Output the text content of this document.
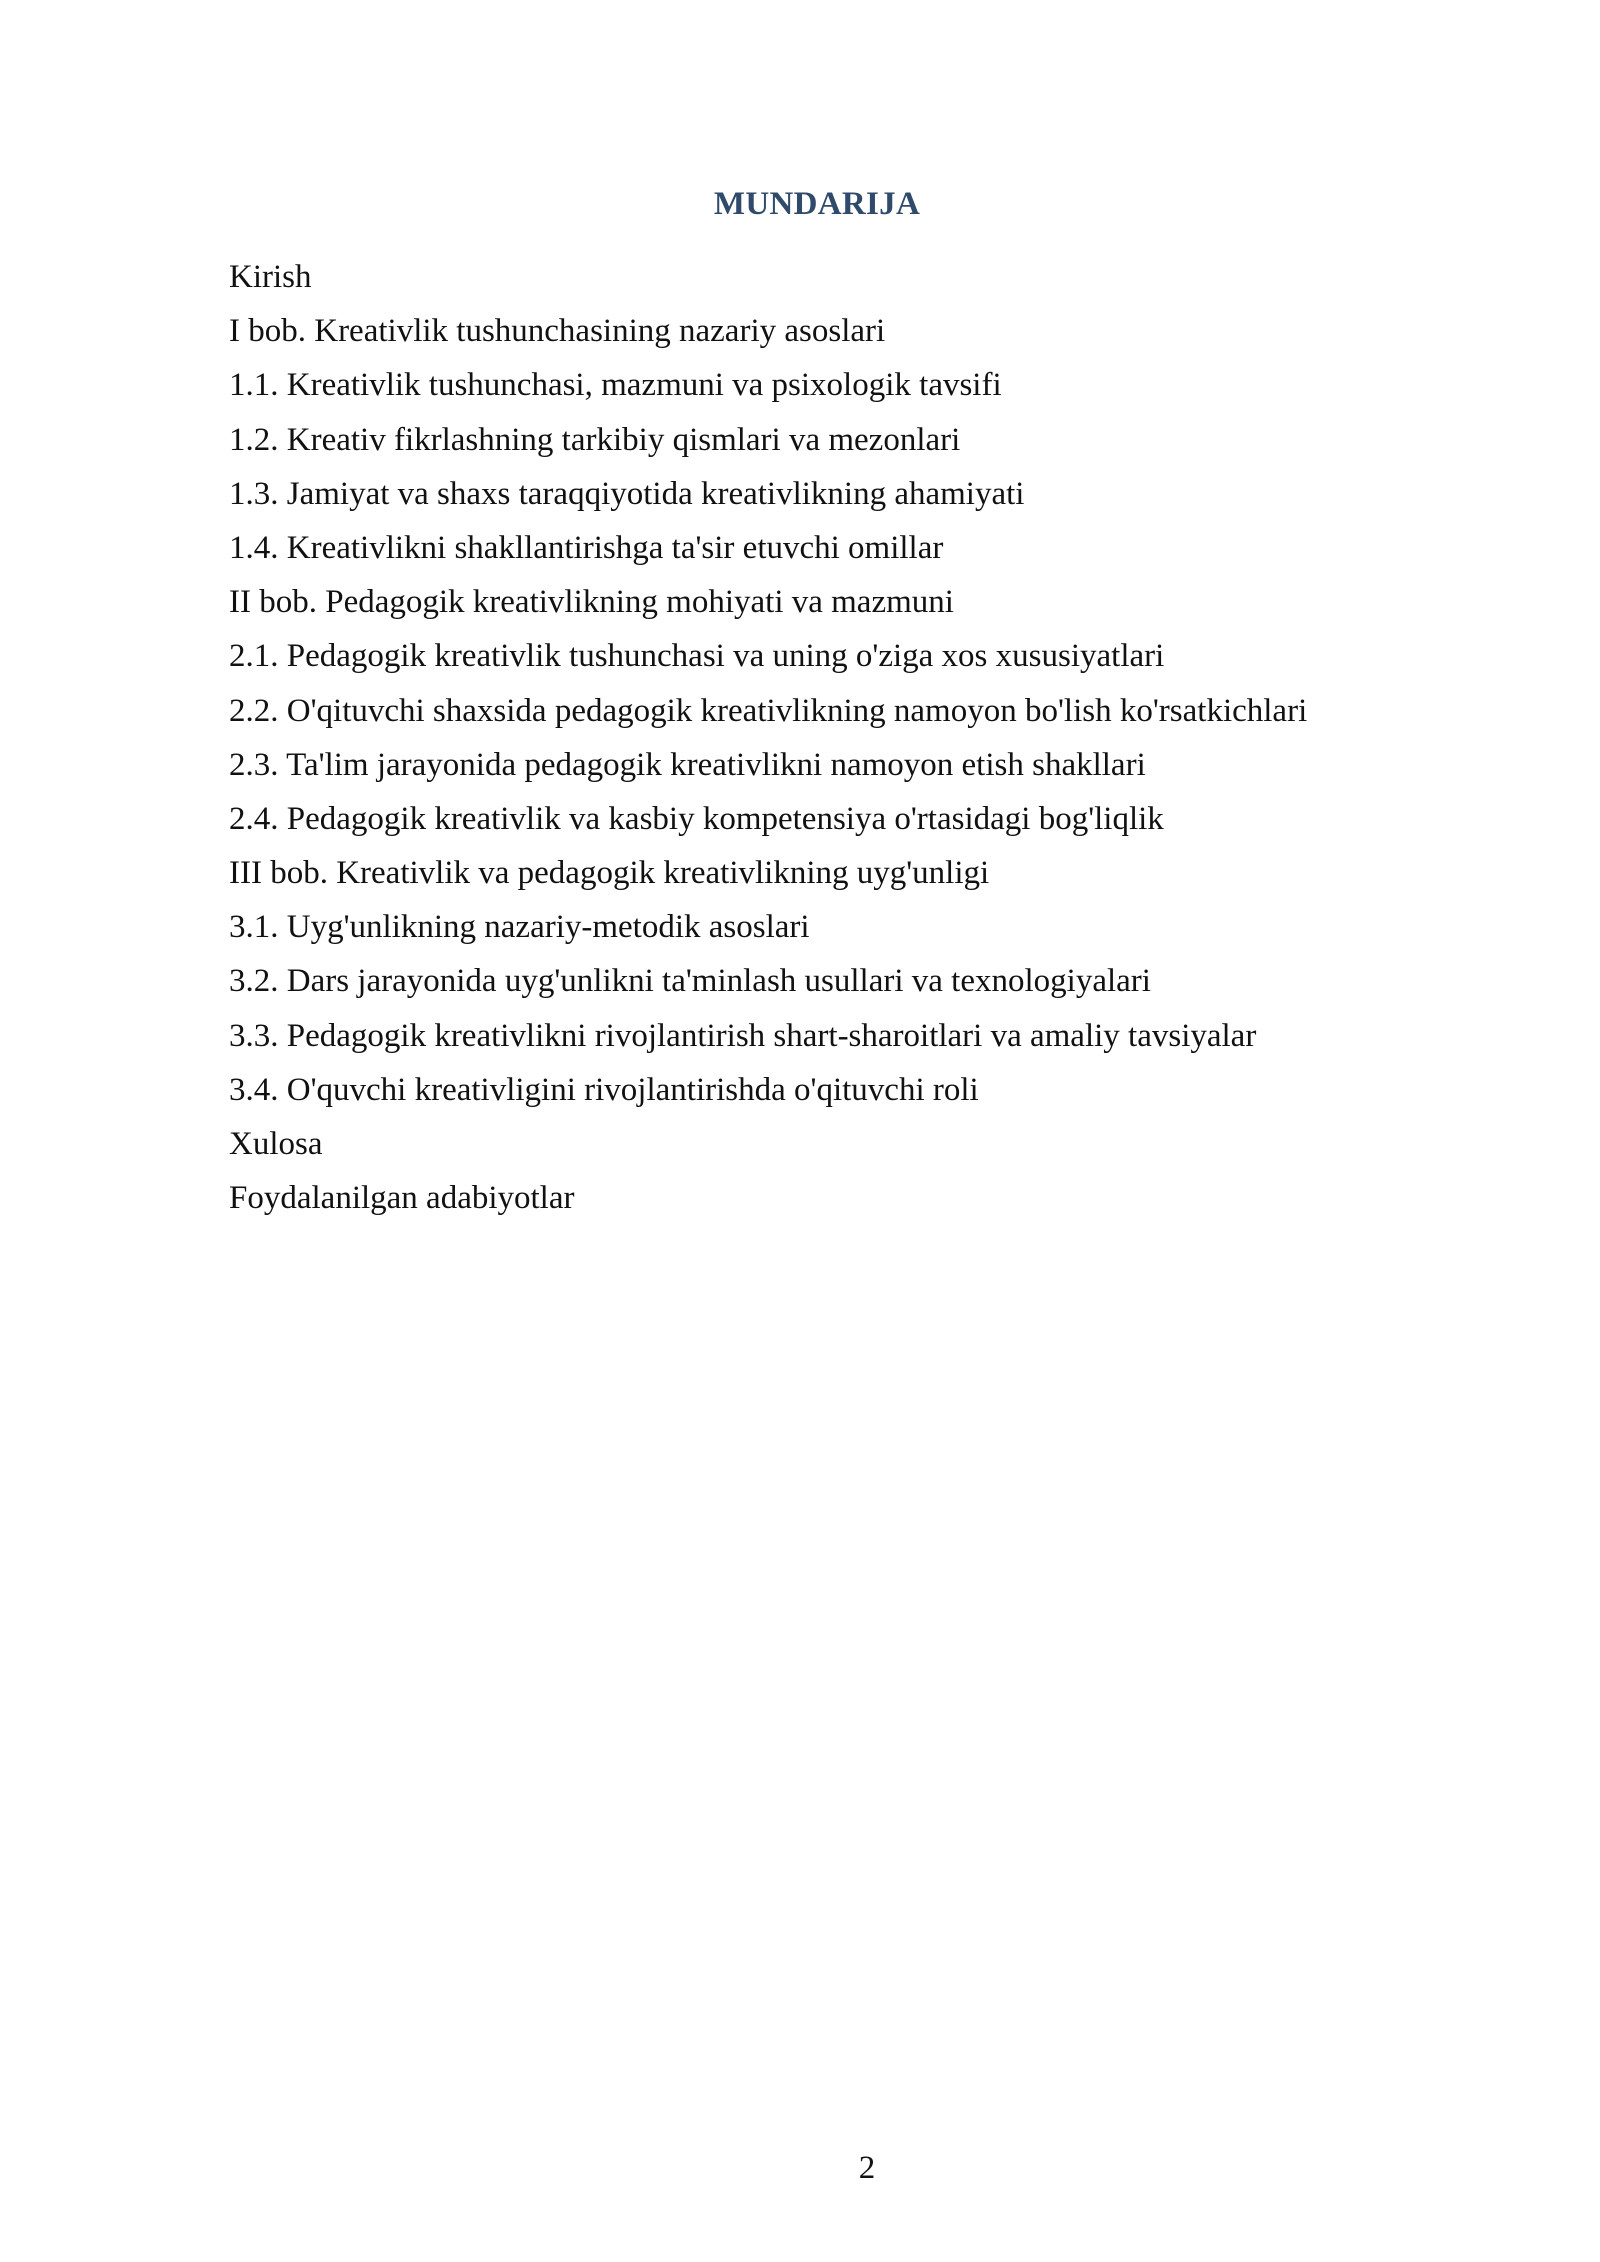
MUNDARIJA
Kirish
I bob. Kreativlik tushunchasining nazariy asoslari
1.1. Kreativlik tushunchasi, mazmuni va psixologik tavsifi
1.2. Kreativ fikrlashning tarkibiy qismlari va mezonlari
1.3. Jamiyat va shaxs taraqqiyotida kreativlikning ahamiyati
1.4. Kreativlikni shakllantirishga ta'sir etuvchi omillar
II bob. Pedagogik kreativlikning mohiyati va mazmuni
2.1. Pedagogik kreativlik tushunchasi va uning o'ziga xos xususiyatlari
2.2. O'qituvchi shaxsida pedagogik kreativlikning namoyon bo'lish ko'rsatkichlari
2.3. Ta'lim jarayonida pedagogik kreativlikni namoyon etish shakllari
2.4. Pedagogik kreativlik va kasbiy kompetensiya o'rtasidagi bog'liqlik
III bob. Kreativlik va pedagogik kreativlikning uyg'unligi
3.1. Uyg'unlikning nazariy-metodik asoslari
3.2. Dars jarayonida uyg'unlikni ta'minlash usullari va texnologiyalari
3.3. Pedagogik kreativlikni rivojlantirish shart-sharoitlari va amaliy tavsiyalar
3.4. O'quvchi kreativligini rivojlantirishda o'qituvchi roli
Xulosa
Foydalanilgan adabiyotlar
2
